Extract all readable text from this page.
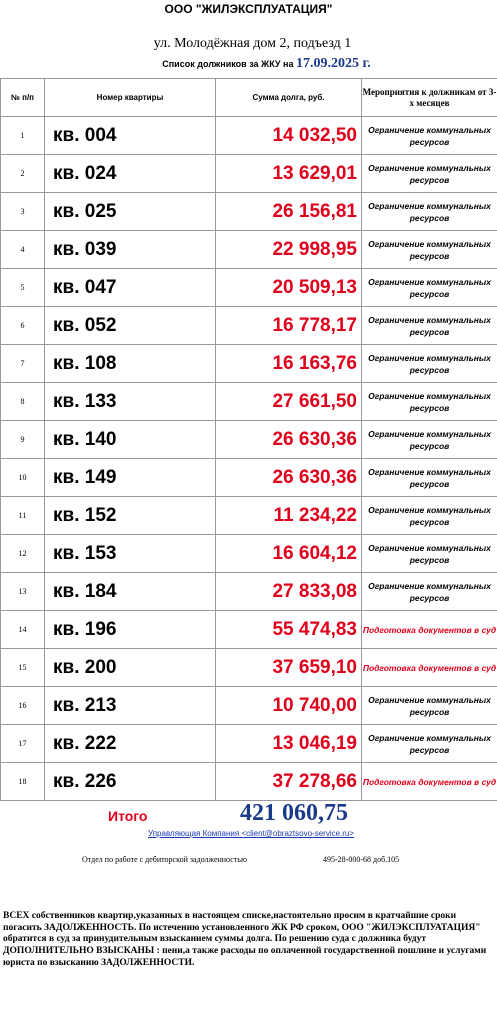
ООО "ЖИЛЭКСПЛУАТАЦИЯ"
ул. Молодёжная дом 2, подъезд 1
Список должников за ЖКУ на 17.09.2025 г.
№ п/п	Номер квартиры	Сумма долга, руб.	Мероприятия к должникам от 3-х месяцев
1	кв. 004	14 032,50	Ограничение коммунальных ресурсов
2	кв. 024	13 629,01	Ограничение коммунальных ресурсов
3	кв. 025	26 156,81	Ограничение коммунальных ресурсов
4	кв. 039	22 998,95	Ограничение коммунальных ресурсов
5	кв. 047	20 509,13	Ограничение коммунальных ресурсов
6	кв. 052	16 778,17	Ограничение коммунальных ресурсов
7	кв. 108	16 163,76	Ограничение коммунальных ресурсов
8	кв. 133	27 661,50	Ограничение коммунальных ресурсов
9	кв. 140	26 630,36	Ограничение коммунальных ресурсов
10	кв. 149	26 630,36	Ограничение коммунальных ресурсов
11	кв. 152	11 234,22	Ограничение коммунальных ресурсов
12	кв. 153	16 604,12	Ограничение коммунальных ресурсов
13	кв. 184	27 833,08	Ограничение коммунальных ресурсов
14	кв. 196	55 474,83	Подготовка документов в суд
15	кв. 200	37 659,10	Подготовка документов в суд
16	кв. 213	10 740,00	Ограничение коммунальных ресурсов
17	кв. 222	13 046,19	Ограничение коммунальных ресурсов
18	кв. 226	37 278,66	Подготовка документов в суд
Итого	421 060,75
Управляющая Компания <client@obraztsovo-service.ru>
Отдел по работе с дебиторской задолженностью	495-28-000-68 доб.105
ВСЕХ собственников квартир,указанных в настоящем списке,настоятельно просим в кратчайшие сроки погасить ЗАДОЛЖЕННОСТЬ. По истечению установленного ЖК РФ сроком, ООО "ЖИЛЭКСПЛУАТАЦИЯ" обратится в суд за принудительным взысканием суммы долга. По решению суда с должника будут ДОПОЛНИТЕЛЬНО ВЗЫСКАНЫ : пени,а также расходы по оплаченной государственной пошлине и услугами юриста по взысканию ЗАДОЛЖЕННОСТИ.
